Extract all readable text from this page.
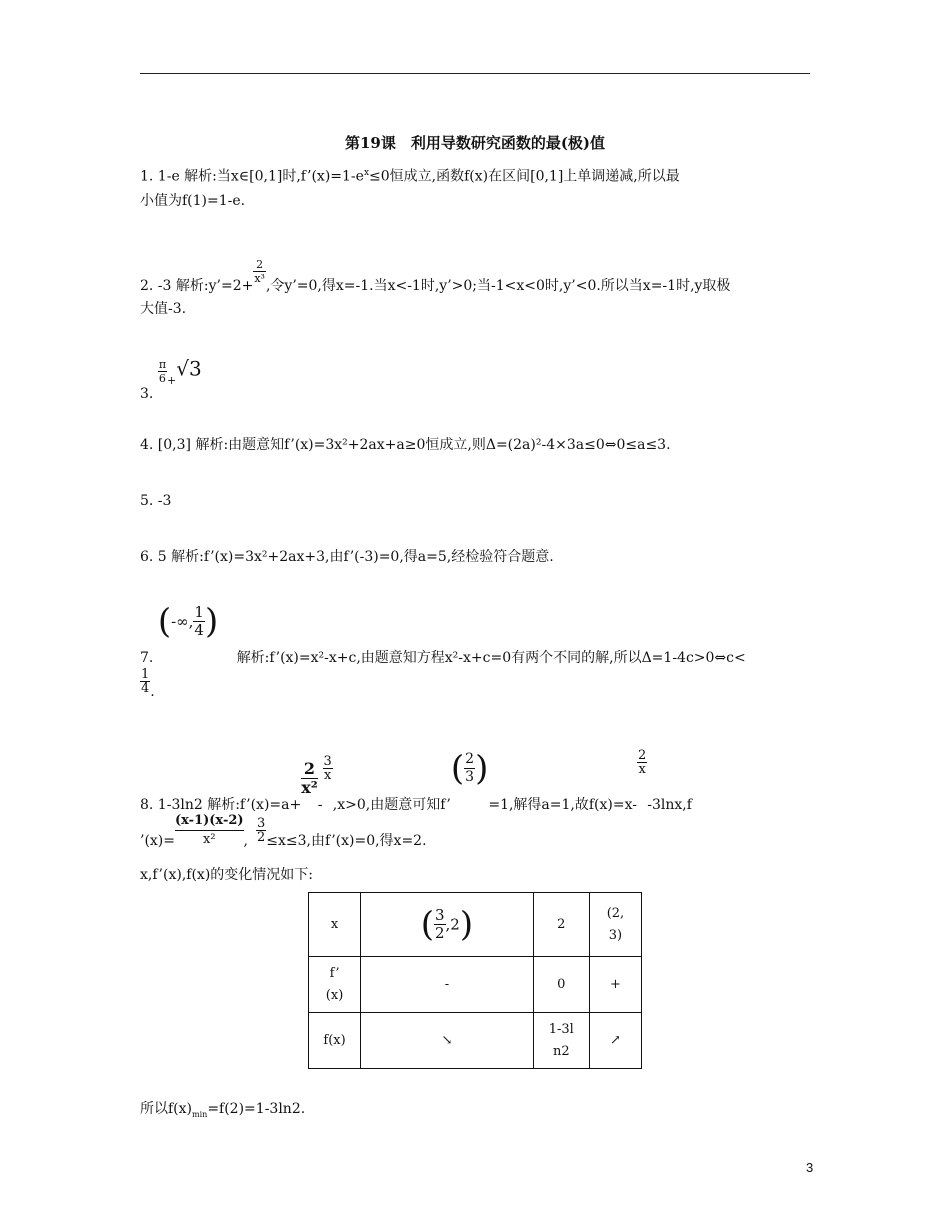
第19课　利用导数研究函数的最(极)值
1. 1-e 解析:当x∈[0,1]时$,f’(x)=1-e^x\le 0$恒成立,函数f(x)在区间[0,1]上单调递减,所以最
小值为f(1)=1-e.
2. -3 解析:y’=2+
$\frac{2}{\text{x³}}$
,令y’=0,得x=-1.当x<-1时,y’>0;当-1<x<0时,y’<0.所以当x=-1时,y取极
大值-3.
3.
$\frac{\pi}{6} _+√3$
4. [0,3] 解析:由题意知f’(x)=3x²+2ax+a≥0恒成立,则Δ=(2a)²-4×3a≤0⇔0≤a≤3.
5. -3
6. 5 解析:f’(x)=3x²+2ax+3,由f’(-3)=0,得a=5,经检验符合题意.
7. (-∞, $\frac{1}{4}$ ) 解析:f’(x)=x²-x+c,由题意知方程x²-x+c=0有两个不同的解,所以Δ=1-4c>0⇔c<
$\frac{1}{4}$ .
8. 1-3ln2 解析:f’(x)=a+
$\frac{2}{\text{x²}}$
-
$\frac{3}{x}$
,x>0,由题意可知f’( $\frac{2}{3} )=1$,解得a=1,故f(x)=x-
$\frac{2}{x}$
-3lnx,f
’(x)= $\frac{(x-1)(x-2)}{\text{x²}}$ , $\frac{3}{2} \le x\le 3$,由f’(x)=0,得x=2.
x,f’(x),f(x)的变化情况如下:
x	( $\frac{3}{2} ,2$)	2	(2,
3)
f’
(x)	-	0	+
f(x)	↘	1-3l
n2	↗
所以$f(x)_{min}=f(2)=1-3\ln 2$.
3
